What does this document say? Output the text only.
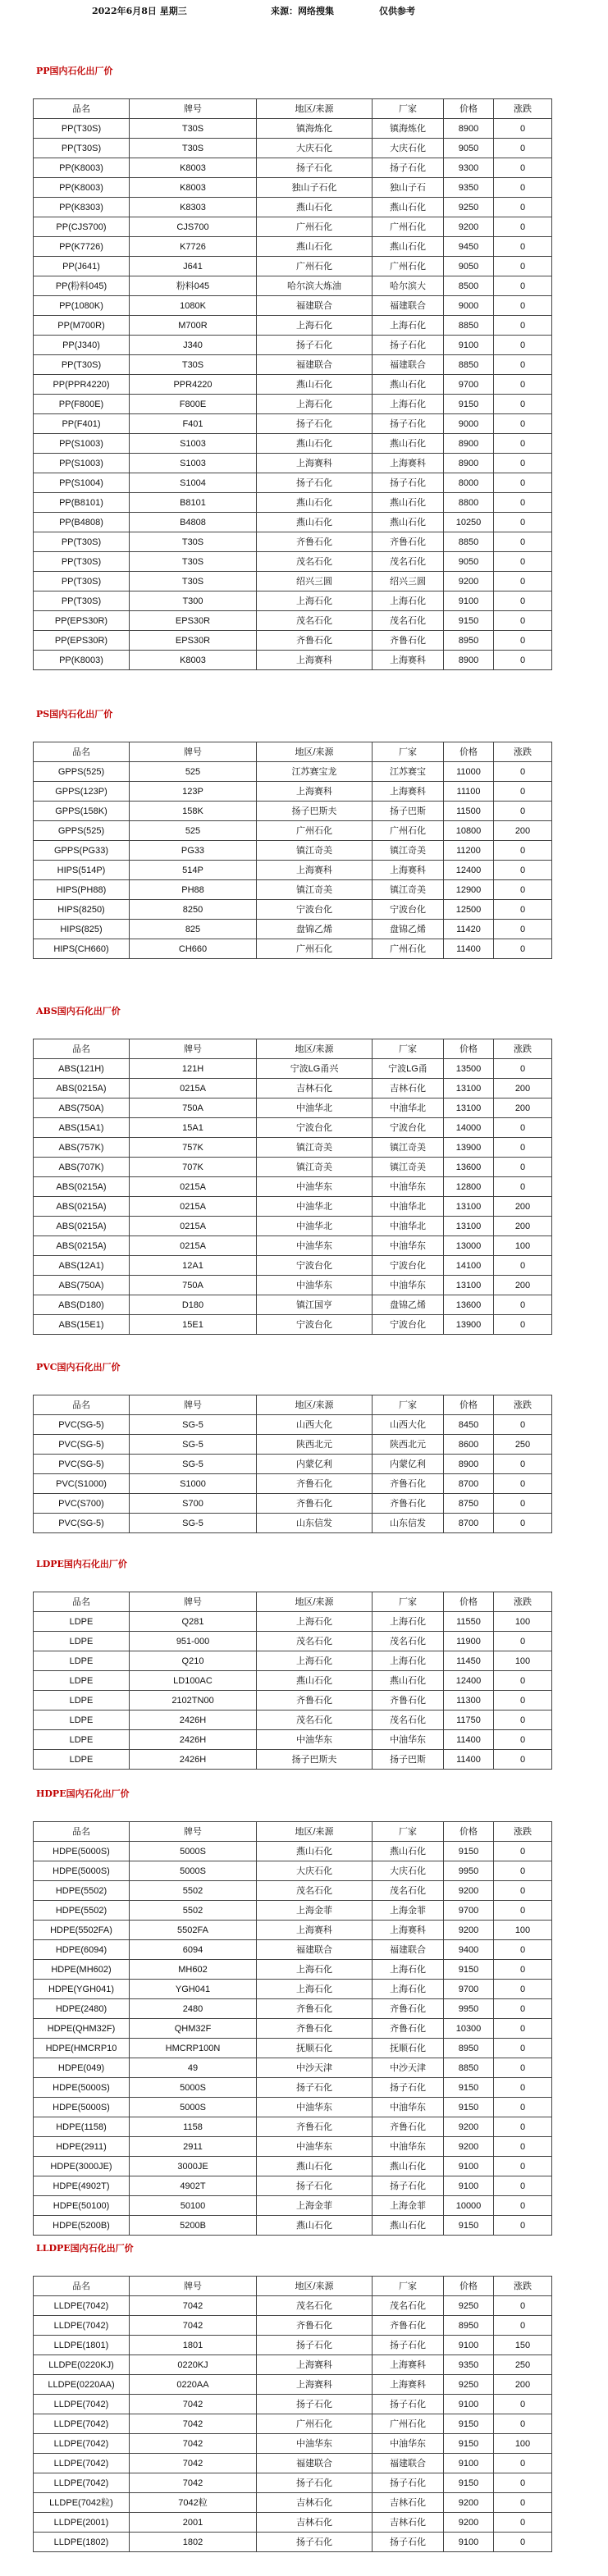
2022年6月8日 星期三	来源：网络搜集	仅供参考
PP国内石化出厂价
品名	牌号	地区/来源	厂家	价格	涨跌
PP(T30S)	T30S	镇海炼化	镇海炼化	8900	0
PP(T30S)	T30S	大庆石化	大庆石化	9050	0
PP(K8003)	K8003	扬子石化	扬子石化	9300	0
PP(K8003)	K8003	独山子石化	独山子石	9350	0
PP(K8303)	K8303	燕山石化	燕山石化	9250	0
PP(CJS700)	CJS700	广州石化	广州石化	9200	0
PP(K7726)	K7726	燕山石化	燕山石化	9450	0
PP(J641)	J641	广州石化	广州石化	9050	0
PP(粉料045)	粉料045	哈尔滨大炼油	哈尔滨大	8500	0
PP(1080K)	1080K	福建联合	福建联合	9000	0
PP(M700R)	M700R	上海石化	上海石化	8850	0
PP(J340)	J340	扬子石化	扬子石化	9100	0
PP(T30S)	T30S	福建联合	福建联合	8850	0
PP(PPR4220)	PPR4220	燕山石化	燕山石化	9700	0
PP(F800E)	F800E	上海石化	上海石化	9150	0
PP(F401)	F401	扬子石化	扬子石化	9000	0
PP(S1003)	S1003	燕山石化	燕山石化	8900	0
PP(S1003)	S1003	上海赛科	上海赛科	8900	0
PP(S1004)	S1004	扬子石化	扬子石化	8000	0
PP(B8101)	B8101	燕山石化	燕山石化	8800	0
PP(B4808)	B4808	燕山石化	燕山石化	10250	0
PP(T30S)	T30S	齐鲁石化	齐鲁石化	8850	0
PP(T30S)	T30S	茂名石化	茂名石化	9050	0
PP(T30S)	T30S	绍兴三圆	绍兴三圆	9200	0
PP(T30S)	T300	上海石化	上海石化	9100	0
PP(EPS30R)	EPS30R	茂名石化	茂名石化	9150	0
PP(EPS30R)	EPS30R	齐鲁石化	齐鲁石化	8950	0
PP(K8003)	K8003	上海赛科	上海赛科	8900	0
PS国内石化出厂价
品名	牌号	地区/来源	厂家	价格	涨跌
GPPS(525)	525	江苏赛宝龙	江苏赛宝	11000	0
GPPS(123P)	123P	上海赛科	上海赛科	11100	0
GPPS(158K)	158K	扬子巴斯夫	扬子巴斯	11500	0
GPPS(525)	525	广州石化	广州石化	10800	200
GPPS(PG33)	PG33	镇江奇美	镇江奇美	11200	0
HIPS(514P)	514P	上海赛科	上海赛科	12400	0
HIPS(PH88)	PH88	镇江奇美	镇江奇美	12900	0
HIPS(8250)	8250	宁波台化	宁波台化	12500	0
HIPS(825)	825	盘锦乙烯	盘锦乙烯	11420	0
HIPS(CH660)	CH660	广州石化	广州石化	11400	0
ABS国内石化出厂价
品名	牌号	地区/来源	厂家	价格	涨跌
ABS(121H)	121H	宁波LG甬兴	宁波LG甬	13500	0
ABS(0215A)	0215A	吉林石化	吉林石化	13100	200
ABS(750A)	750A	中油华北	中油华北	13100	200
ABS(15A1)	15A1	宁波台化	宁波台化	14000	0
ABS(757K)	757K	镇江奇美	镇江奇美	13900	0
ABS(707K)	707K	镇江奇美	镇江奇美	13600	0
ABS(0215A)	0215A	中油华东	中油华东	12800	0
ABS(0215A)	0215A	中油华北	中油华北	13100	200
ABS(0215A)	0215A	中油华北	中油华北	13100	200
ABS(0215A)	0215A	中油华东	中油华东	13000	100
ABS(12A1)	12A1	宁波台化	宁波台化	14100	0
ABS(750A)	750A	中油华东	中油华东	13100	200
ABS(D180)	D180	镇江国亨	盘锦乙烯	13600	0
ABS(15E1)	15E1	宁波台化	宁波台化	13900	0
PVC国内石化出厂价
品名	牌号	地区/来源	厂家	价格	涨跌
PVC(SG-5)	SG-5	山西大化	山西大化	8450	0
PVC(SG-5)	SG-5	陕西北元	陕西北元	8600	250
PVC(SG-5)	SG-5	内蒙亿利	内蒙亿利	8900	0
PVC(S1000)	S1000	齐鲁石化	齐鲁石化	8700	0
PVC(S700)	S700	齐鲁石化	齐鲁石化	8750	0
PVC(SG-5)	SG-5	山东信发	山东信发	8700	0
LDPE国内石化出厂价
品名	牌号	地区/来源	厂家	价格	涨跌
LDPE	Q281	上海石化	上海石化	11550	100
LDPE	951-000	茂名石化	茂名石化	11900	0
LDPE	Q210	上海石化	上海石化	11450	100
LDPE	LD100AC	燕山石化	燕山石化	12400	0
LDPE	2102TN00	齐鲁石化	齐鲁石化	11300	0
LDPE	2426H	茂名石化	茂名石化	11750	0
LDPE	2426H	中油华东	中油华东	11400	0
LDPE	2426H	扬子巴斯夫	扬子巴斯	11400	0
HDPE国内石化出厂价
品名	牌号	地区/来源	厂家	价格	涨跌
HDPE(5000S)	5000S	燕山石化	燕山石化	9150	0
HDPE(5000S)	5000S	大庆石化	大庆石化	9950	0
HDPE(5502)	5502	茂名石化	茂名石化	9200	0
HDPE(5502)	5502	上海金菲	上海金菲	9700	0
HDPE(5502FA)	5502FA	上海赛科	上海赛科	9200	100
HDPE(6094)	6094	福建联合	福建联合	9400	0
HDPE(MH602)	MH602	上海石化	上海石化	9150	0
HDPE(YGH041)	YGH041	上海石化	上海石化	9700	0
HDPE(2480)	2480	齐鲁石化	齐鲁石化	9950	0
HDPE(QHM32F)	QHM32F	齐鲁石化	齐鲁石化	10300	0
HDPE(HMCRP10	HMCRP100N	抚顺石化	抚顺石化	8950	0
HDPE(049)	49	中沙天津	中沙天津	8850	0
HDPE(5000S)	5000S	扬子石化	扬子石化	9150	0
HDPE(5000S)	5000S	中油华东	中油华东	9150	0
HDPE(1158)	1158	齐鲁石化	齐鲁石化	9200	0
HDPE(2911)	2911	中油华东	中油华东	9200	0
HDPE(3000JE)	3000JE	燕山石化	燕山石化	9100	0
HDPE(4902T)	4902T	扬子石化	扬子石化	9100	0
HDPE(50100)	50100	上海金菲	上海金菲	10000	0
HDPE(5200B)	5200B	燕山石化	燕山石化	9150	0
LLDPE国内石化出厂价
品名	牌号	地区/来源	厂家	价格	涨跌
LLDPE(7042)	7042	茂名石化	茂名石化	9250	0
LLDPE(7042)	7042	齐鲁石化	齐鲁石化	8950	0
LLDPE(1801)	1801	扬子石化	扬子石化	9100	150
LLDPE(0220KJ)	0220KJ	上海赛科	上海赛科	9350	250
LLDPE(0220AA)	0220AA	上海赛科	上海赛科	9250	200
LLDPE(7042)	7042	扬子石化	扬子石化	9100	0
LLDPE(7042)	7042	广州石化	广州石化	9150	0
LLDPE(7042)	7042	中油华东	中油华东	9150	100
LLDPE(7042)	7042	福建联合	福建联合	9100	0
LLDPE(7042)	7042	扬子石化	扬子石化	9150	0
LLDPE(7042粒)	7042粒	吉林石化	吉林石化	9200	0
LLDPE(2001)	2001	吉林石化	吉林石化	9200	0
LLDPE(1802)	1802	扬子石化	扬子石化	9100	0
